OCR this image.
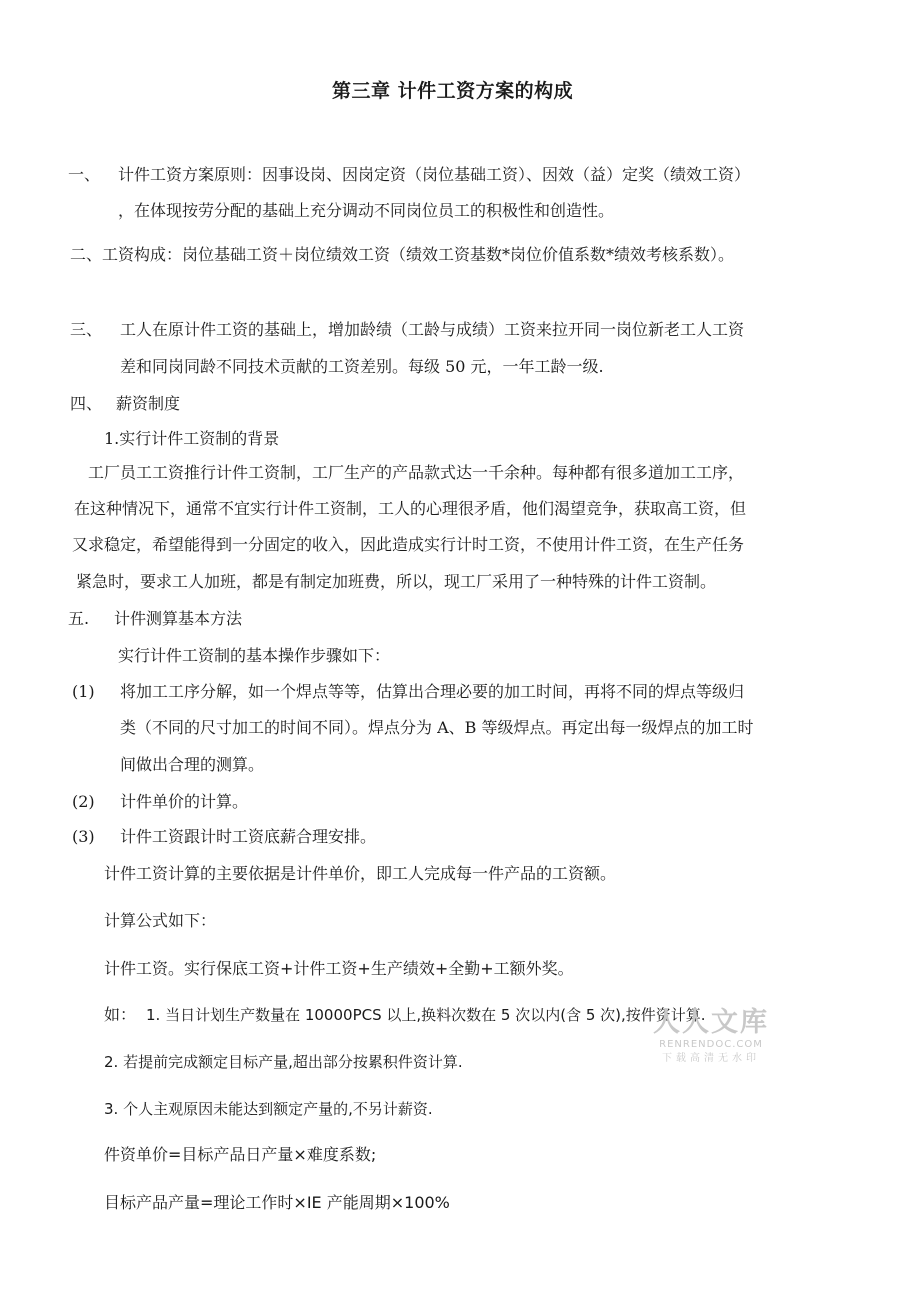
第三章 计件工资方案的构成
一、 计件工资方案原则：因事设岗、因岗定资（岗位基础工资）、因效（益）定奖（绩效工资）
，在体现按劳分配的基础上充分调动不同岗位员工的积极性和创造性。
二、工资构成：岗位基础工资＋岗位绩效工资（绩效工资基数*岗位价值系数*绩效考核系数）。
三、 工人在原计件工资的基础上，增加龄绩（工龄与成绩）工资来拉开同一岗位新老工人工资
差和同岗同龄不同技术贡献的工资差别。每级 50 元，一年工龄一级.
四、 薪资制度
1.实行计件工资制的背景
工厂员工工资推行计件工资制，工厂生产的产品款式达一千余种。每种都有很多道加工工序，
在这种情况下，通常不宜实行计件工资制，工人的心理很矛盾，他们渴望竞争，获取高工资，但
又求稳定，希望能得到一分固定的收入，因此造成实行计时工资，不使用计件工资，在生产任务
紧急时，要求工人加班，都是有制定加班费，所以，现工厂采用了一种特殊的计件工资制。
五. 计件测算基本方法
实行计件工资制的基本操作步骤如下：
(1) 将加工工序分解，如一个焊点等等，估算出合理必要的加工时间，再将不同的焊点等级归
类（不同的尺寸加工的时间不同）。焊点分为 A、B 等级焊点。再定出每一级焊点的加工时
间做出合理的测算。
(2) 计件单价的计算。
(3) 计件工资跟计时工资底薪合理安排。
计件工资计算的主要依据是计件单价，即工人完成每一件产品的工资额。
计算公式如下：
计件工资。实行保底工资+计件工资+生产绩效+全勤+工额外奖。
如： 1. 当日计划生产数量在 10000PCS 以上,换料次数在 5 次以内(含 5 次),按件资计算.
2. 若提前完成额定目标产量,超出部分按累积件资计算.
3. 个人主观原因未能达到额定产量的,不另计薪资.
件资单价=目标产品日产量×难度系数;
目标产品产量=理论工作时×IE 产能周期×100%
人人文库
RENRENDOC.COM
下载高清无水印
